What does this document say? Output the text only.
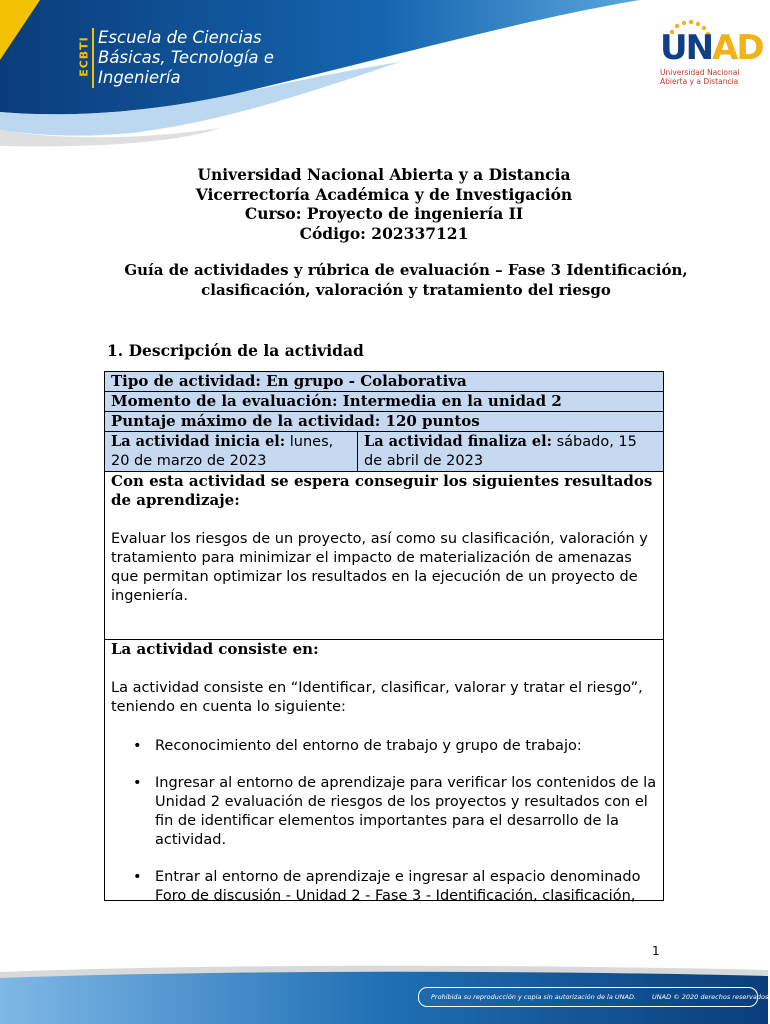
ECBTI Escuela de Ciencias
Básicas, Tecnología e
Ingeniería
UNAD
Universidad Nacional
Abierta y a Distancia
Universidad Nacional Abierta y a Distancia
Vicerrectoría Académica y de Investigación
Curso: Proyecto de ingeniería II
Código: 202337121
Guía de actividades y rúbrica de evaluación – Fase 3 Identificación, clasificación, valoración y tratamiento del riesgo
1. Descripción de la actividad
Tipo de actividad: En grupo - Colaborativa
Momento de la evaluación: Intermedia en la unidad 2
Puntaje máximo de la actividad: 120 puntos
La actividad inicia el: lunes, 20 de marzo de 2023
La actividad finaliza el: sábado, 15 de abril de 2023
Con esta actividad se espera conseguir los siguientes resultados de aprendizaje:

Evaluar los riesgos de un proyecto, así como su clasificación, valoración y tratamiento para minimizar el impacto de materialización de amenazas que permitan optimizar los resultados en la ejecución de un proyecto de ingeniería.

La actividad consiste en:

La actividad consiste en “Identificar, clasificar, valorar y tratar el riesgo”, teniendo en cuenta lo siguiente:

• Reconocimiento del entorno de trabajo y grupo de trabajo:
• Ingresar al entorno de aprendizaje para verificar los contenidos de la Unidad 2 evaluación de riesgos de los proyectos y resultados con el fin de identificar elementos importantes para el desarrollo de la actividad.
• Entrar al entorno de aprendizaje e ingresar al espacio denominado Foro de discusión - Unidad 2 - Fase 3 - Identificación, clasificación,
1
Prohibida su reproducción y copia sin autorización de la UNAD. UNAD © 2020 derechos reservados.
